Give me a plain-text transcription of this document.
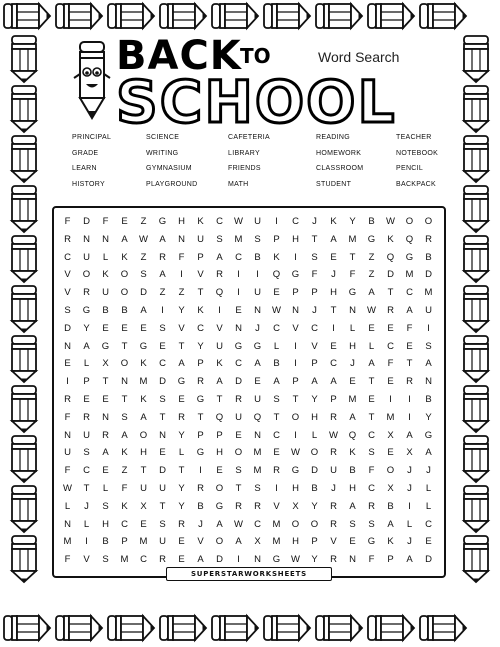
BACK
TO
SCHOOL
Word Search
PRINCIPAL	SCIENCE	CAFETERIA	READING	TEACHER
GRADE	WRITING	LIBRARY	HOMEWORK	NOTEBOOK
LEARN	GYMNASIUM	FRIENDS	CLASSROOM	PENCIL
HISTORY	PLAYGROUND	MATH	STUDENT	BACKPACK
F	D	F	E	Z	G	H	K	C	W	U	I	C	J	K	Y	B	W	O	O
R	N	N	A	W	A	N	U	S	M	S	P	H	T	A	M	G	K	Q	R
C	U	L	K	Z	R	F	P	A	C	B	K	I	S	E	T	Z	Q	G	B
V	O	K	O	S	A	I	V	R	I	I	Q	G	F	J	F	Z	D	M	D
V	R	U	O	D	Z	Z	T	Q	I	U	E	P	P	H	G	A	T	C	M
S	G	B	B	A	I	Y	K	I	E	N	W	N	J	T	N	W	R	A	U
D	Y	E	E	E	S	V	C	V	N	J	C	V	C	I	L	E	E	F	I
N	A	G	T	G	E	T	Y	U	G	G	L	I	V	E	H	L	C	E	S
E	L	X	O	K	C	A	P	K	C	A	B	I	P	C	J	A	F	T	A
I	P	T	N	M	D	G	R	A	D	E	A	P	A	A	E	T	E	R	N
R	E	E	T	K	S	E	G	T	R	U	S	T	Y	P	M	E	I	I	B
F	R	N	S	A	T	R	T	Q	U	Q	T	O	H	R	A	T	M	I	Y
N	U	R	A	O	N	Y	P	P	E	N	C	I	L	W	Q	C	X	A	G
U	S	A	K	H	E	L	G	H	O	M	E	W	O	R	K	S	E	X	A
F	C	E	Z	T	D	T	I	E	S	M	R	G	D	U	B	F	O	J	J
W	T	L	F	U	U	Y	R	O	T	S	I	H	B	J	H	C	X	J	L
L	J	S	K	X	T	Y	B	G	R	R	V	X	Y	R	A	R	B	I	L
N	L	H	C	E	S	R	J	A	W	C	M	O	O	R	S	S	A	L	C
M	I	B	P	M	U	E	V	O	A	X	M	H	P	V	E	G	K	J	E
F	V	S	M	C	R	E	A	D	I	N	G	W	Y	R	N	F	P	A	D
SUPERSTARWORKSHEETS
